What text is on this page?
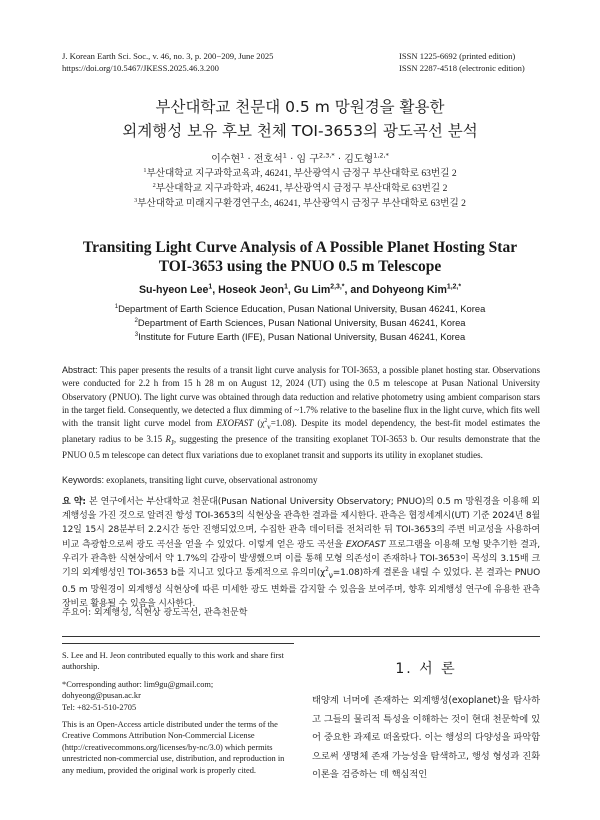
J. Korean Earth Sci. Soc., v. 46, no. 3, p. 200−209, June 2025
https://doi.org/10.5467/JKESS.2025.46.3.200
ISSN 1225-6692 (printed edition)
ISSN 2287-4518 (electronic edition)
부산대학교 천문대 0.5 m 망원경을 활용한
외계행성 보유 후보 천체 TOI-3653의 광도곡선 분석
이수현$^1$ · 전호석$^1$ · 임 구$^{2,3,*}$ · 김도형$^{1,2,*}$
$^1$부산대학교 지구과학교육과, 46241, 부산광역시 금정구 부산대학로 63번길 2
$^2$부산대학교 지구과학과, 46241, 부산광역시 금정구 부산대학로 63번길 2
$^3$부산대학교 미래지구환경연구소, 46241, 부산광역시 금정구 부산대학로 63번길 2
Transiting Light Curve Analysis of A Possible Planet Hosting Star
TOI-3653 using the PNUO 0.5 m Telescope
Su-hyeon Lee$^1$, Hoseok Jeon$^1$, Gu Lim$^{2,3,*}$, and Dohyeong Kim$^{1,2,*}$
$^1$Department of Earth Science Education, Pusan National University, Busan 46241, Korea
$^2$Department of Earth Sciences, Pusan National University, Busan 46241, Korea
$^3$Institute for Future Earth (IFE), Pusan National University, Busan 46241, Korea
Abstract: This paper presents the results of a transit light curve analysis for TOI-3653, a possible planet hosting star. Observations were conducted for 2.2 h from 15 h 28 m on August 12, 2024 (UT) using the 0.5 m telescope at Pusan National University Observatory (PNUO). The light curve was obtained through data reduction and relative photometry using ambient comparison stars in the target field. Consequently, we detected a flux dimming of ~1.7% relative to the baseline flux in the light curve, which fits well with the transit light curve model from EXOFAST $(\chi^2_\nu=1.08)$. Despite its model dependency, the best-fit model estimates the planetary radius to be 3.15 $R_J$, suggesting the presence of the transiting exoplanet TOI-3653 b. Our results demonstrate that the PNUO 0.5 m telescope can detect flux variations due to exoplanet transit and supports its utility in exoplanet studies.
Keywords: exoplanets, transiting light curve, observational astronomy
요 약: 본 연구에서는 부산대학교 천문대(Pusan National University Observatory; PNUO)의 0.5 m 망원경을 이용해 외계행성을 가진 것으로 알려진 항성 TOI-3653의 식현상을 관측한 결과를 제시한다. 관측은 협정세계시(UT) 기준 2024년 8월 12일 15시 28분부터 2.2시간 동안 진행되었으며, 수집한 관측 데이터를 전처리한 뒤 TOI-3653의 주변 비교성을 사용하여 비교 측광함으로써 광도 곡선을 얻을 수 있었다. 이렇게 얻은 광도 곡선을 EXOFAST 프로그램을 이용해 모형 맞추기한 결과, 우리가 관측한 식현상에서 약 1.7%의 감광이 발생했으며 이를 통해 모형 의존성이 존재하나 TOI-3653이 목성의 3.15배 크기의 외계행성인 TOI-3653 b를 지니고 있다고 통계적으로 유의미$(\chi^2_\nu=1.08)$하게 결론을 내릴 수 있었다. 본 결과는 PNUO 0.5 m 망원경이 외계행성 식현상에 따른 미세한 광도 변화를 감지할 수 있음을 보여주며, 향후 외계행성 연구에 유용한 관측 장비로 활용될 수 있음을 시사한다.
주요어: 외계행성, 식현상 광도곡선, 관측천문학

S. Lee and H. Jeon contributed equally to this work and share first authorship.

*Corresponding author: lim9gu@gmail.com; dohyeong@pusan.ac.kr
Tel: +82-51-510-2705

This is an Open-Access article distributed under the terms of the Creative Commons Attribution Non-Commercial License (http://creativecommons.org/licenses/by-nc/3.0) which permits unrestricted non-commercial use, distribution, and reproduction in any medium, provided the original work is properly cited.

1. 서 론
태양계 너머에 존재하는 외계행성(exoplanet)을 탐사하고 그들의 물리적 특성을 이해하는 것이 현대 천문학에 있어 중요한 과제로 떠올랐다. 이는 행성의 다양성을 파악함으로써 생명체 존재 가능성을 탐색하고, 행성 형성과 진화 이론을 검증하는 데 핵심적인
